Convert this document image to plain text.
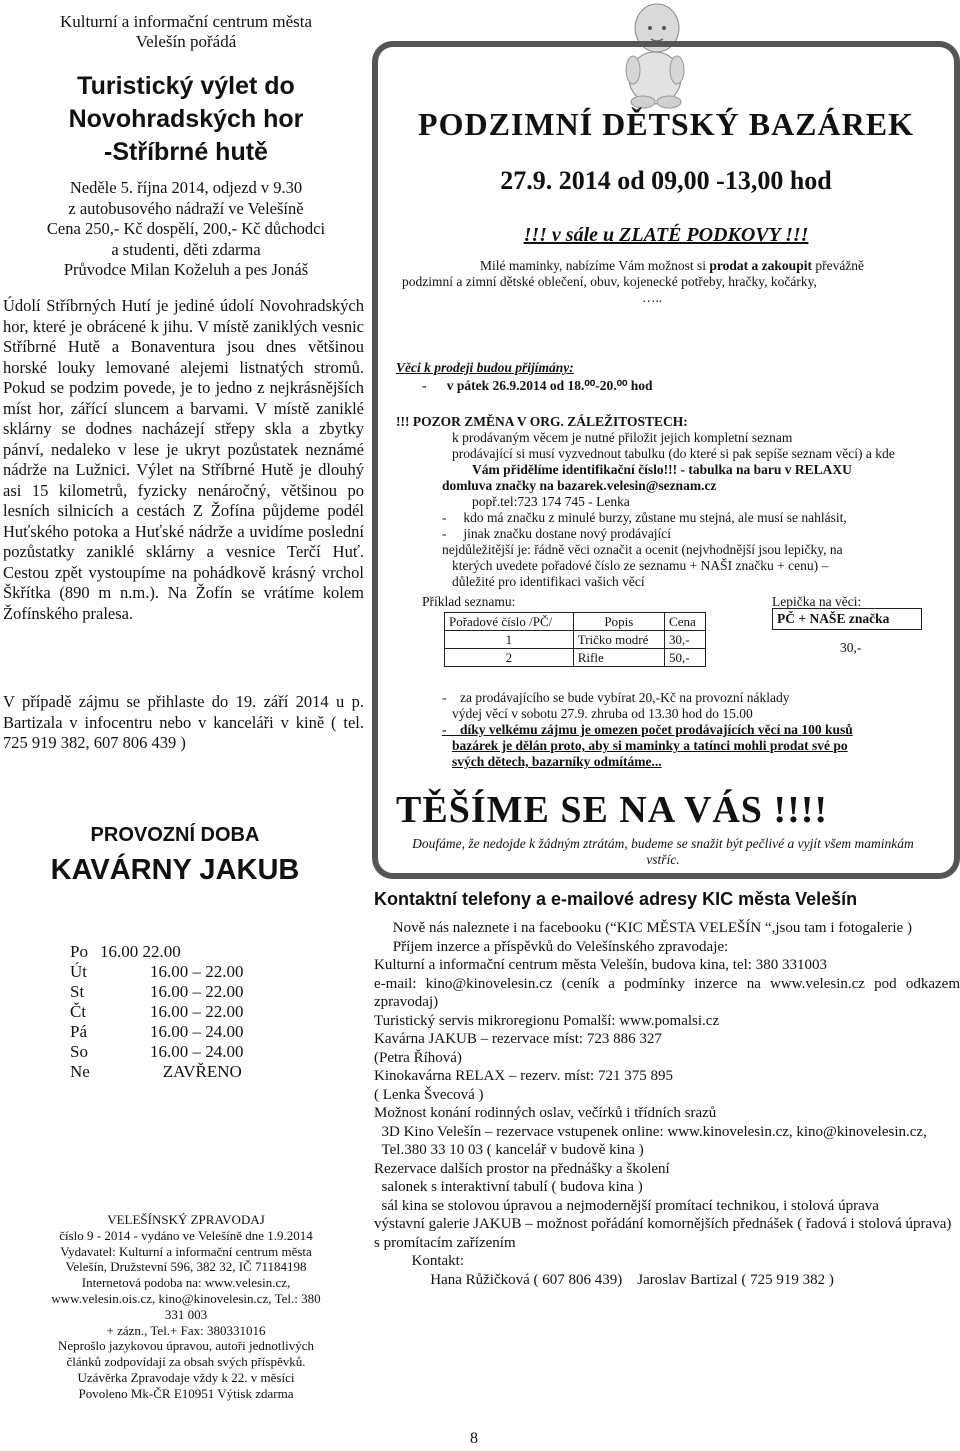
Kulturní a informační centrum města
Velešín pořádá
Turistický výlet do
Novohradských hor
-Stříbrné hutě
Neděle 5. října 2014, odjezd v 9.30
z autobusového nádraží ve Velešíně
Cena 250,- Kč dospělí, 200,- Kč důchodci
a studenti, děti zdarma
Průvodce Milan Koželuh a pes Jonáš
Údolí Stříbrných Hutí je jediné údolí Novohradských hor, které je obrácené k jihu. V místě zaniklých vesnic Stříbrné Hutě a Bonaventura jsou dnes většinou horské louky lemované alejemi listnatých stromů. Pokud se podzim povede, je to jedno z nejkrásnějších míst hor, zářící sluncem a barvami. V místě zaniklé sklárny se dodnes nacházejí střepy skla a zbytky pánví, nedaleko v lese je ukryt pozůstatek neznámé nádrže na Lužnici. Výlet na Stříbrné Hutě je dlouhý asi 15 kilometrů, fyzicky nenáročný, většinou po lesních silnicích a cestách Z Žofína půjdeme podél Huťského potoka a Huťské nádrže a uvidíme poslední pozůstatky zaniklé sklárny a vesnice Terčí Huť. Cestou zpět vystoupíme na pohádkově krásný vrchol Škřítka (890 m n.m.). Na Žofín se vrátíme kolem Žofínského pralesa.
V případě zájmu se přihlaste do 19. září 2014 u p. Bartizala v infocentru nebo v kanceláři v kině ( tel. 725 919 382, 607 806 439 )
PROVOZNÍ DOBA
KAVÁRNY JAKUB
Po 16.00 22.00
Út	16.00 – 22.00
St	16.00 – 22.00
Čt	16.00 – 22.00
Pá	16.00 – 24.00
So	16.00 – 24.00
Ne	ZAVŘENO
VELEŠÍNSKÝ ZPRAVODAJ
číslo 9 - 2014 - vydáno ve Velešíně dne 1.9.2014
Vydavatel: Kulturní a informační centrum města
Velešín, Družstevní 596, 382 32, IČ 71184198
Internetová podoba na: www.velesin.cz,
www.velesin.ois.cz, kino@kinovelesin.cz, Tel.: 380
331 003
+ zázn., Tel.+ Fax: 380331016
Neprošlo jazykovou úpravou, autoři jednotlivých
článků zodpovídají za obsah svých příspěvků.
Uzávěrka Zpravodaje vždy k 22. v měsíci
Povoleno Mk-ČR E10951 Výtisk zdarma
PODZIMNÍ DĚTSKÝ BAZÁREK
27.9. 2014 od 09,00 -13,00 hod
!!! v sále u ZLATÉ PODKOVY !!!
Milé maminky, nabízíme Vám možnost si prodat a zakoupit převážně
podzimní a zimní dětské oblečení, obuv, kojenecké potřeby, hračky, kočárky,
…..
Věci k prodeji budou přijímány:
-      v pátek 26.9.2014 od 18.⁰⁰-20.⁰⁰ hod
!!! POZOR ZMĚNA V ORG. ZÁLEŽITOSTECH:
k prodávaným věcem je nutné přiložit jejich kompletní seznam
prodávající si musí vyzvednout tabulku (do které si pak sepíše seznam věcí) a kde
Vám přidělíme identifikační číslo!!! - tabulka na baru v RELAXU
domluva značky na bazarek.velesin@seznam.cz
popř.tel:723 174 745 - Lenka
-     kdo má značku z minulé burzy, zůstane mu stejná, ale musí se nahlásit,
-     jinak značku dostane nový prodávající
nejdůležitější je: řádně věci označit a ocenit (nejvhodnější jsou lepičky, na
kterých uvedete pořadové číslo ze seznamu + NAŠI značku + cenu) –
důležité pro identifikaci vašich věcí
Příklad seznamu:	Lepička na věci:
Pořadové číslo /PČ/	Popis	Cena
1	Tričko modré	30,-
2	Rifle	50,-
PČ + NAŠE značka
30,-
-    za prodávajícího se bude vybírat 20,-Kč na provozní náklady
výdej věcí v sobotu 27.9. zhruba od 13.30 hod do 15.00
-    díky velkému zájmu je omezen počet prodávajících věcí na 100 kusů
bazárek je dělán proto, aby si maminky a tatínci mohli prodat své po
svých dětech, bazarníky odmítáme...
TĚŠÍME SE NA VÁS !!!!
Doufáme, že nedojde k žádným ztrátám, budeme se snažit být pečlivé a vyjít všem maminkám vstříc.
Kontaktní telefony a e-mailové adresy KIC města Velešín
Nově nás naleznete i na facebooku (“KIC MĚSTA VELEŠÍN “,jsou tam i fotogalerie )
Příjem inzerce a příspěvků do Velešínského zpravodaje:
Kulturní a informační centrum města Velešín, budova kina, tel: 380 331003
e-mail: kino@kinovelesin.cz (ceník a podmínky inzerce na www.velesin.cz pod odkazem zpravodaj)
Turistický servis mikroregionu Pomalší: www.pomalsi.cz
Kavárna JAKUB – rezervace míst: 723 886 327
(Petra Říhová)
Kinokavárna RELAX – rezerv. míst: 721 375 895
( Lenka Švecová )
Možnost konání rodinných oslav, večírků i třídních srazů
3D Kino Velešín – rezervace vstupenek online: www.kinovelesin.cz, kino@kinovelesin.cz,
Tel.380 33 10 03 ( kancelář v budově kina )
Rezervace dalších prostor na přednášky a školení
salonek s interaktivní tabulí ( budova kina )
sál kina se stolovou úpravou a nejmodernější promítací technikou, i stolová úprava
výstavní galerie JAKUB – možnost pořádání komornějších přednášek ( řadová i stolová úprava)
s promítacím zařízením
Kontakt:
Hana Růžičková ( 607 806 439)    Jaroslav Bartizal ( 725 919 382 )
8
